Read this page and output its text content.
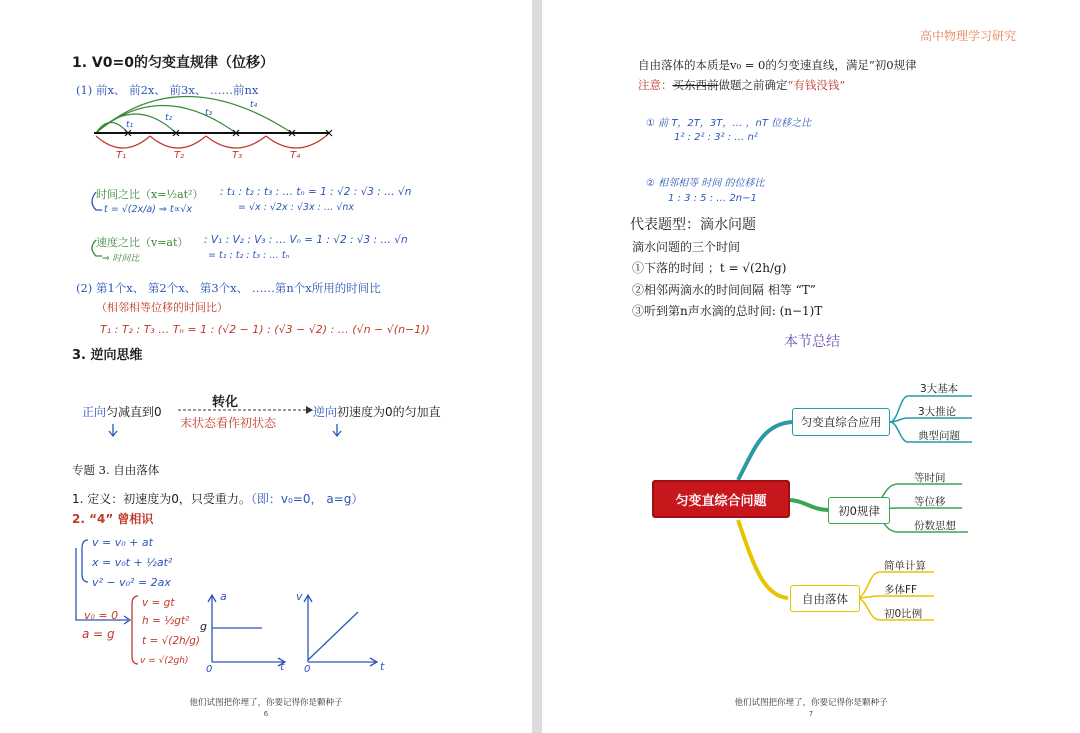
1. V0=0的匀变直规律（位移）
(1) 前x、 前2x、 前3x、 ……前nx
t₁
t₂	t₃
t₄
T₁	T₂	T₃	T₄
时间之比（x=½at²） : t₁ : t₂ : t₃ : … tₙ = 1 : √2 : √3 : … √n
= √x : √2x : √3x : … √nx
t = √(2x/a) ⇒ t∝√x
速度之比（v=at） : V₁ : V₂ : V₃ : … Vₙ = 1 : √2 : √3 : … √n
= t₁ : t₂ : t₃ : … tₙ
⇒ 时间比
(2) 第1个x、 第2个x、 第3个x、 ……第n个x所用的时间比
（相邻相等位移的时间比）
T₁ : T₂ : T₃ … Tₙ = 1 : (√2 − 1) : (√3 − √2) : … (√n − √(n−1))
3. 逆向思维
转化
正向匀减直到0	逆向初速度为0的匀加直
末状态看作初状态
专题 3. 自由落体
1. 定义：初速度为0，只受重力。（即：v₀=0， a=g）
2. “4” 曾相识
v = v₀ + at
x = v₀t + ½at²
v² − v₀² = 2ax
v₀ = 0
a = g
v = gt
h = ½gt²
t = √(2h/g)
v = √(2gh)
a
g
0	t
v
0	t
他们试图把你埋了，你要记得你是颗种子
6
高中物理学习研究
自由落体的本质是v₀ = 0的匀变速直线，满足“初0规律
注意：买东西前做题之前确定“有钱没钱”
① 前 T，2T，3T，… ，nT 位移之比
1² : 2² : 3² : … n²
② 相邻相等 时间 的位移比
1 : 3 : 5 : … 2n−1
代表题型：滴水问题
滴水问题的三个时间
①下落的时间 ；t = √(2h/g)
②相邻两滴水的时间间隔 相等 “T”
③听到第n声水滴的总时间: (n−1)T
本节总结
匀变直综合问题
匀变直综合应用
3大基本
3大推论
典型问题
初0规律
等时间
等位移
份数思想
自由落体
简单计算
多体FF
初0比例
他们试图把你埋了，你要记得你是颗种子
7
